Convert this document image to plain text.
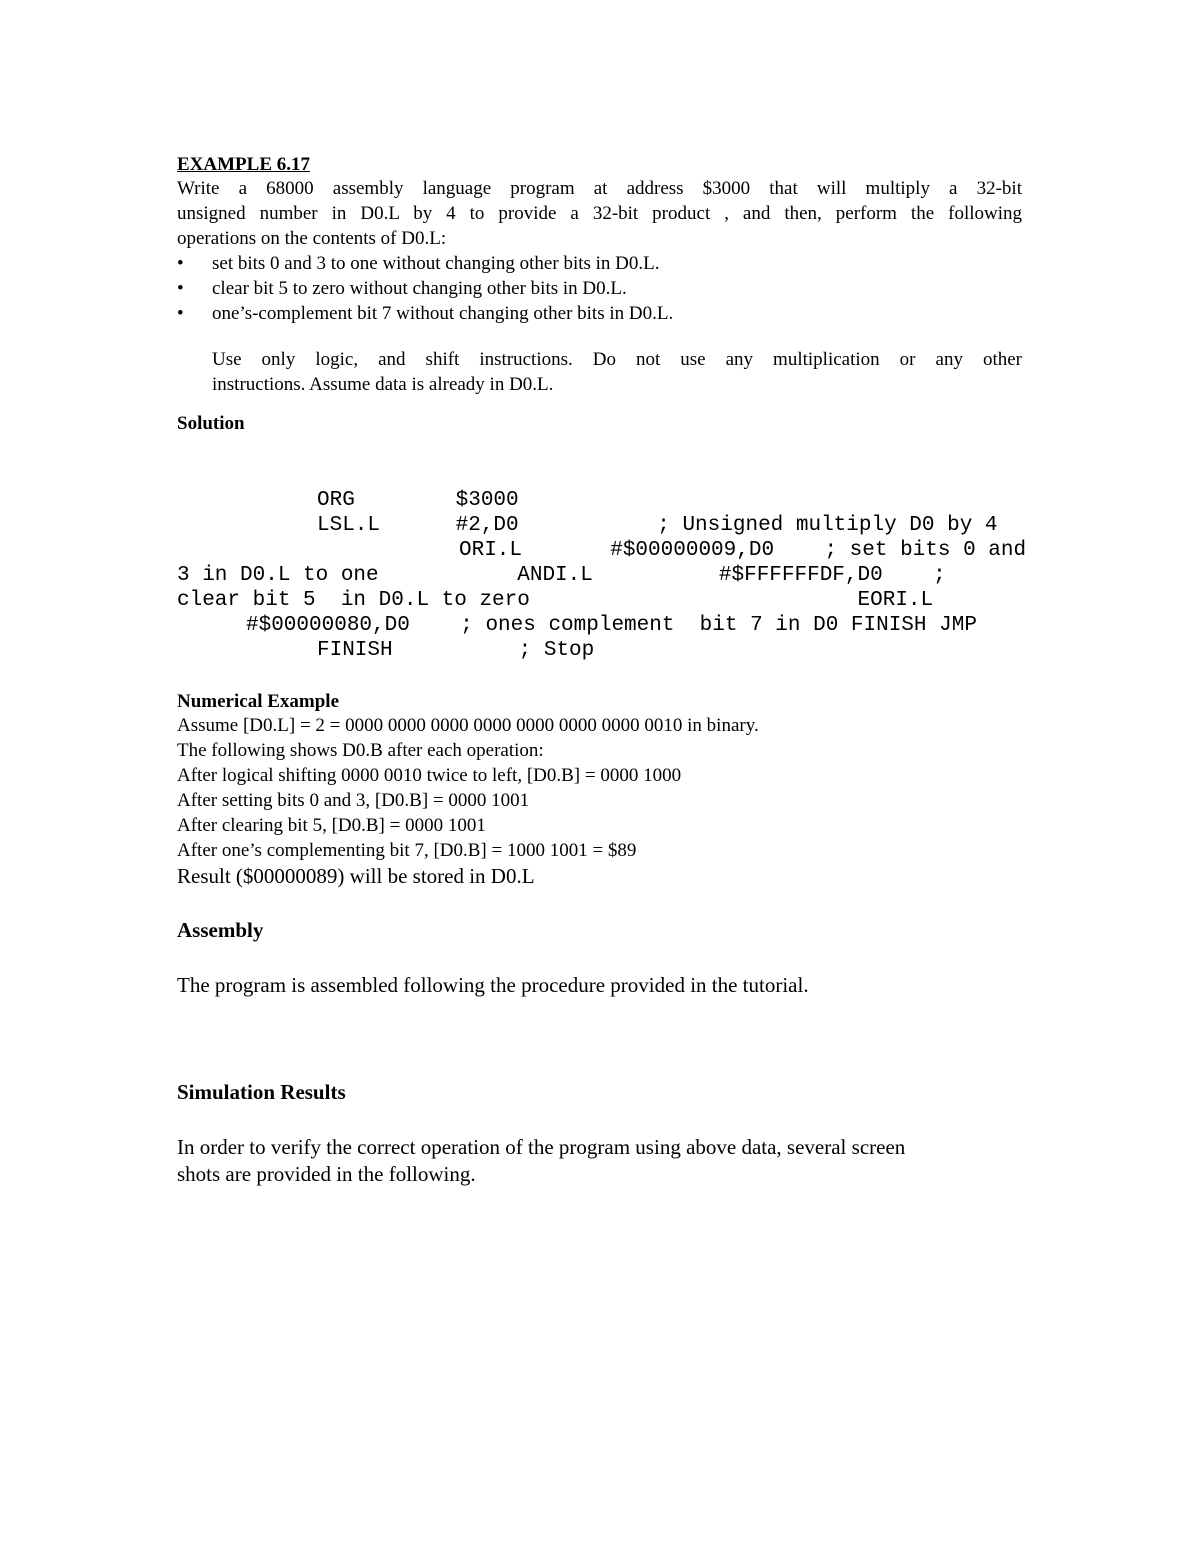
EXAMPLE 6.17
Write a 68000 assembly language program at address $3000 that will multiply a 32-bit
unsigned number in D0.L by 4 to provide a 32-bit product , and then, perform the following
operations on the contents of D0.L:
• set bits 0 and 3 to one without changing other bits in D0.L.
• clear bit 5 to zero without changing other bits in D0.L.
• one’s-complement bit 7 without changing other bits in D0.L.
Use only logic, and shift instructions. Do not use any multiplication or any other
instructions. Assume data is already in D0.L.
Solution
ORG        $3000
LSL.L      #2,D0           ; Unsigned multiply D0 by 4
ORI.L       #$00000009,D0    ; set bits 0 and
3 in D0.L to one           ANDI.L          #$FFFFFFDF,D0    ;
clear bit 5  in D0.L to zero                          EORI.L
#$00000080,D0    ; ones complement  bit 7 in D0 FINISH JMP
FINISH          ; Stop
Numerical Example
Assume [D0.L] = 2 = 0000 0000 0000 0000 0000 0000 0000 0010 in binary.
The following shows D0.B after each operation:
After logical shifting 0000 0010 twice to left, [D0.B] = 0000 1000
After setting bits 0 and 3, [D0.B] = 0000 1001
After clearing bit 5, [D0.B] = 0000 1001
After one’s complementing bit 7, [D0.B] = 1000 1001 = $89
Result ($00000089) will be stored in D0.L
Assembly
The program is assembled following the procedure provided in the tutorial.
Simulation Results
In order to verify the correct operation of the program using above data, several screen
shots are provided in the following.
